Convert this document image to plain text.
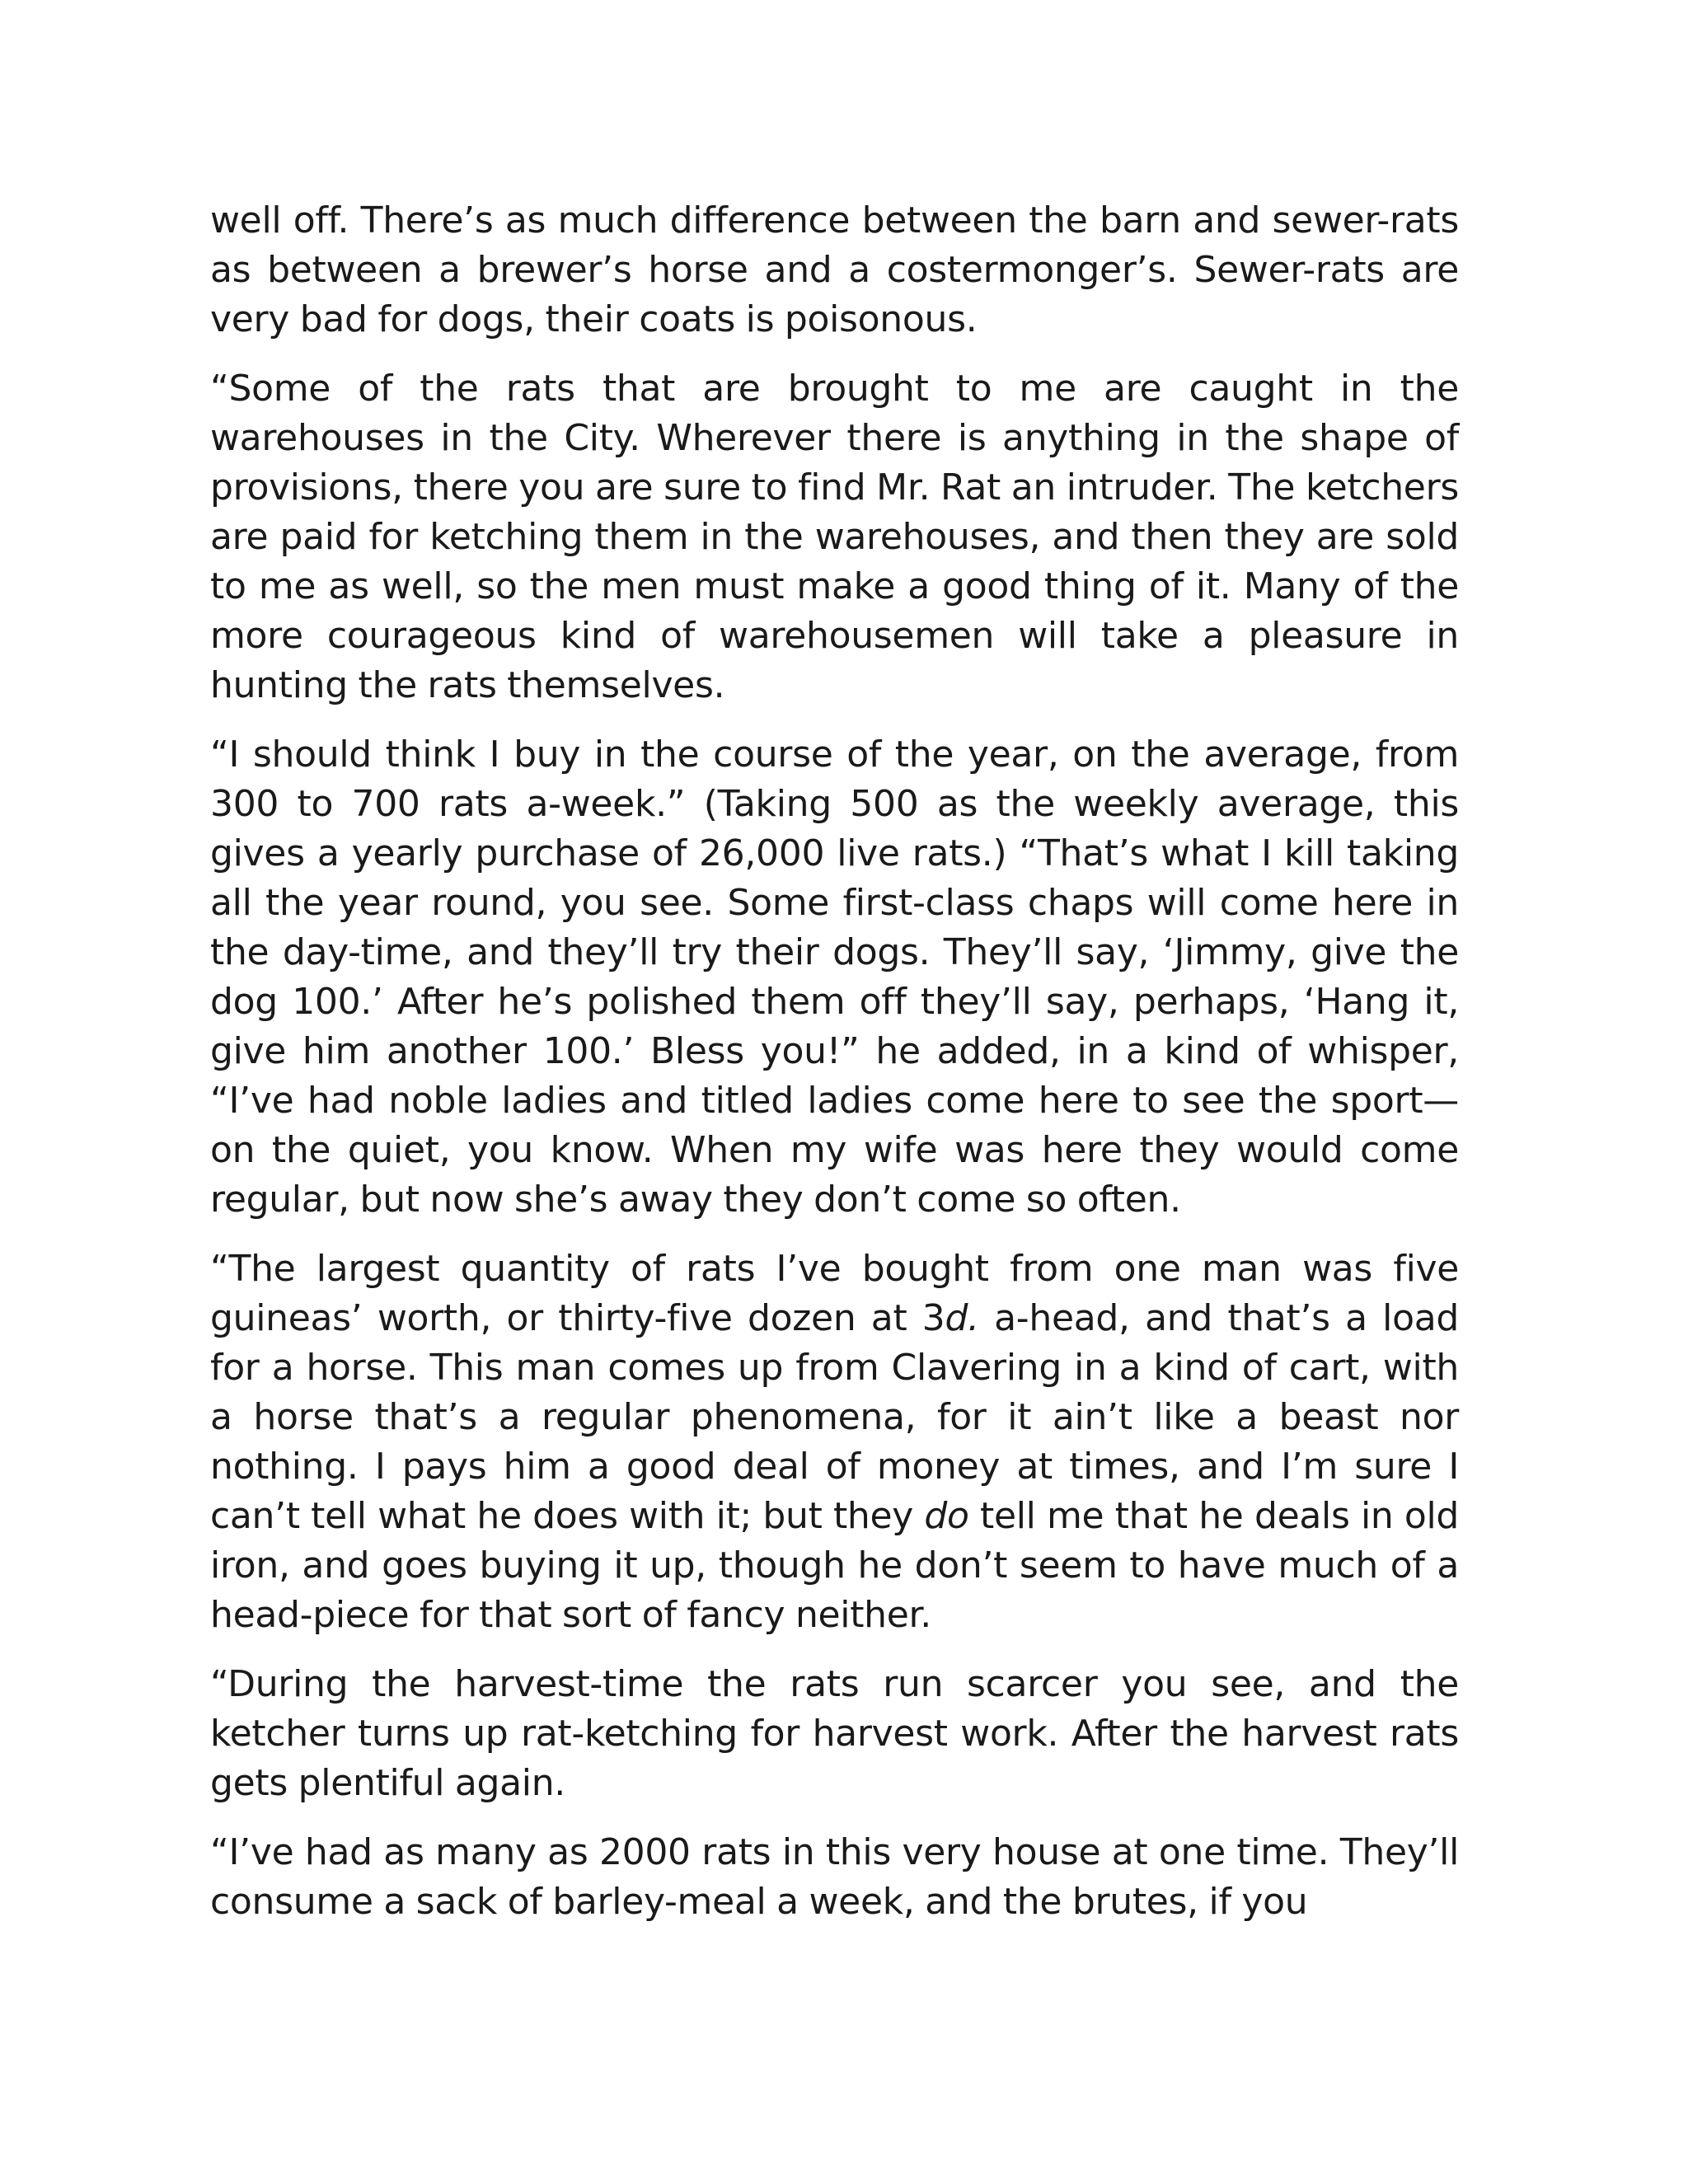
well off. There’s as much difference between the barn and sewer-rats as between a brewer’s horse and a costermonger’s. Sewer-rats are very bad for dogs, their coats is poisonous.

“Some of the rats that are brought to me are caught in the warehouses in the City. Wherever there is anything in the shape of provisions, there you are sure to find Mr. Rat an intruder. The ketchers are paid for ketching them in the warehouses, and then they are sold to me as well, so the men must make a good thing of it. Many of the more courageous kind of warehousemen will take a pleasure in hunting the rats themselves.

“I should think I buy in the course of the year, on the average, from 300 to 700 rats a-week.” (Taking 500 as the weekly average, this gives a yearly purchase of 26,000 live rats.) “That’s what I kill taking all the year round, you see. Some first-class chaps will come here in the day-time, and they’ll try their dogs. They’ll say, ‘Jimmy, give the dog 100.’ After he’s polished them off they’ll say, perhaps, ‘Hang it, give him another 100.’ Bless you!” he added, in a kind of whisper, “I’ve had noble ladies and titled ladies come here to see the sport—on the quiet, you know. When my wife was here they would come regular, but now she’s away they don’t come so often.

“The largest quantity of rats I’ve bought from one man was five guineas’ worth, or thirty-five dozen at 3d. a-head, and that’s a load for a horse. This man comes up from Clavering in a kind of cart, with a horse that’s a regular phenomena, for it ain’t like a beast nor nothing. I pays him a good deal of money at times, and I’m sure I can’t tell what he does with it; but they do tell me that he deals in old iron, and goes buying it up, though he don’t seem to have much of a head-piece for that sort of fancy neither.

“During the harvest-time the rats run scarcer you see, and the ketcher turns up rat-ketching for harvest work. After the harvest rats gets plentiful again.

“I’ve had as many as 2000 rats in this very house at one time. They’ll consume a sack of barley-meal a week, and the brutes, if you
